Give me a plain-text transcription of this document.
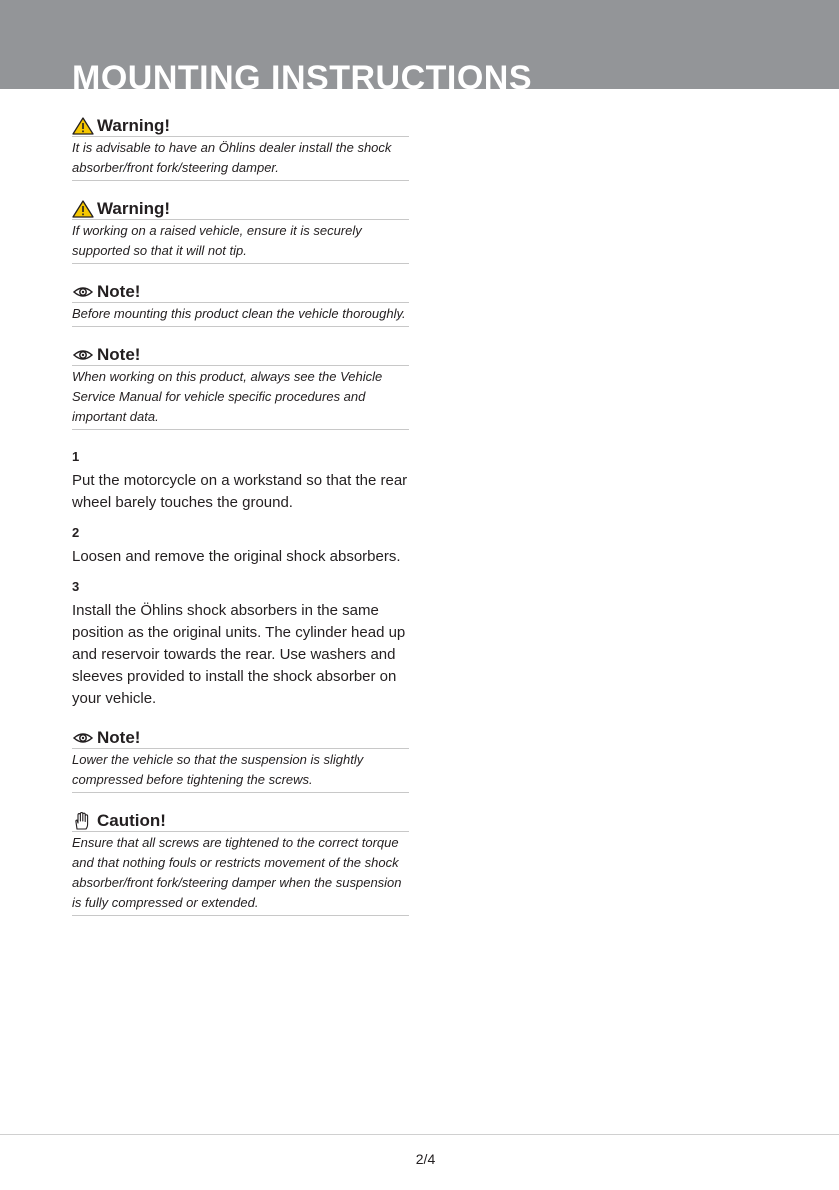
MOUNTING INSTRUCTIONS
Warning!
It is advisable to have an Öhlins dealer install the shock absorber/front fork/steering damper.
Warning!
If working on a raised vehicle, ensure it is securely supported so that it will not tip.
Note!
Before mounting this product clean the vehicle thoroughly.
Note!
When working on this product, always see the Vehicle Service Manual for vehicle specific procedures and important data.
1
Put the motorcycle on a workstand so that the rear wheel barely touches the ground.
2
Loosen and remove the original shock absorbers.
3
Install the Öhlins shock absorbers in the same position as the original units. The cylinder head up and reservoir towards the rear. Use washers and sleeves provided to install the shock absorber on your vehicle.
Note!
Lower the vehicle so that the suspension is slightly compressed before tightening the screws.
Caution!
Ensure that all screws are tightened to the correct torque and that nothing fouls or restricts movement of the shock absorber/front fork/steering damper when the suspension is fully compressed or extended.
2/4
